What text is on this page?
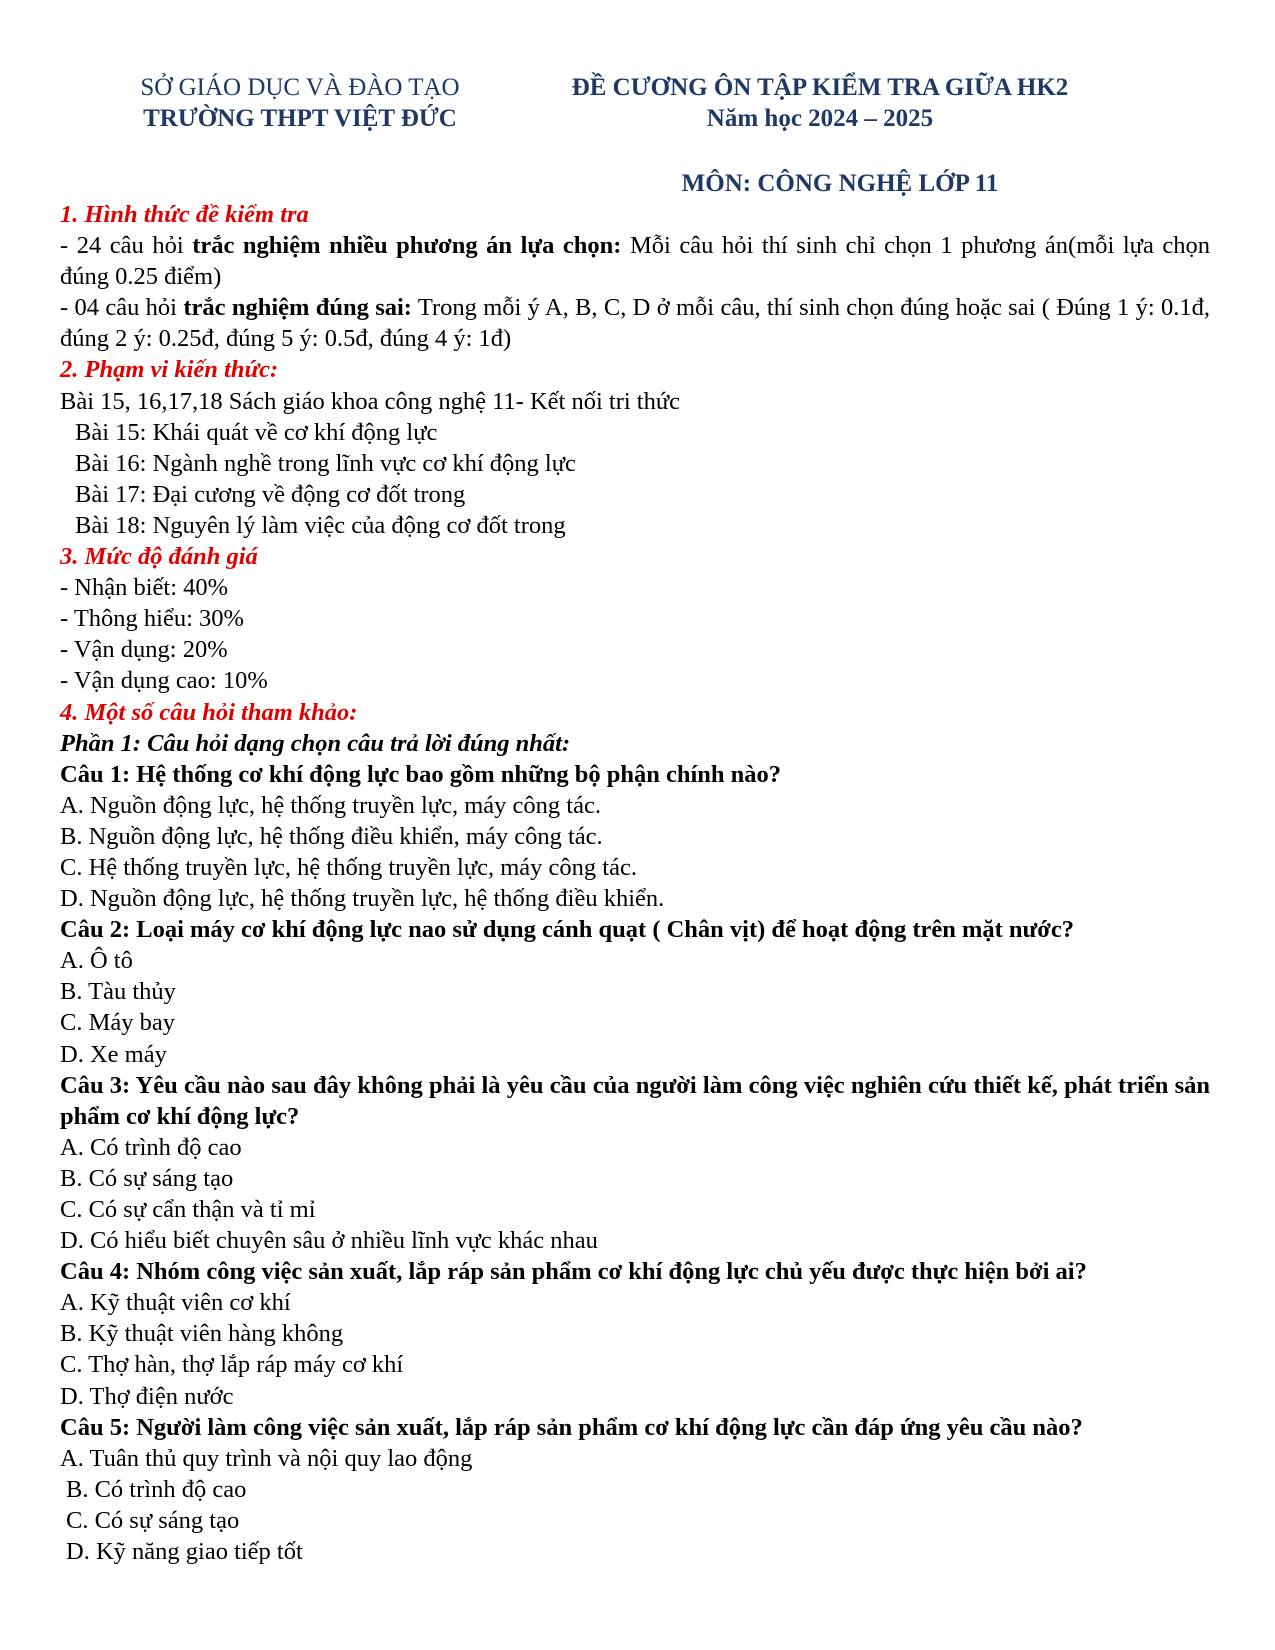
SỞ GIÁO DỤC VÀ ĐÀO TẠO
TRƯỜNG THPT VIỆT ĐỨC
ĐỀ CƯƠNG ÔN TẬP KIỂM TRA GIỮA HK2
Năm học 2024 – 2025
MÔN: CÔNG NGHỆ LỚP 11
1. Hình thức đề kiểm tra
- 24 câu hỏi trắc nghiệm nhiều phương án lựa chọn: Mỗi câu hỏi thí sinh chỉ chọn 1 phương án(mỗi lựa chọn đúng 0.25 điểm)
- 04 câu hỏi trắc nghiệm đúng sai: Trong mỗi ý A, B, C, D ở mỗi câu, thí sinh chọn đúng hoặc sai ( Đúng 1 ý: 0.1đ, đúng 2 ý: 0.25đ, đúng 5 ý: 0.5đ, đúng 4 ý: 1đ)
2. Phạm vi kiến thức:
Bài 15, 16,17,18 Sách giáo khoa công nghệ 11- Kết nối tri thức
Bài 15: Khái quát về cơ khí động lực
Bài 16: Ngành nghề trong lĩnh vực cơ khí động lực
Bài 17: Đại cương về động cơ đốt trong
Bài 18: Nguyên lý làm việc của động cơ đốt trong
3. Mức độ đánh giá
- Nhận biết: 40%
- Thông hiểu: 30%
- Vận dụng: 20%
- Vận dụng cao: 10%
4. Một số câu hỏi tham khảo:
Phần 1: Câu hỏi dạng chọn câu trả lời đúng nhất:
Câu 1: Hệ thống cơ khí động lực bao gồm những bộ phận chính nào?
A. Nguồn động lực, hệ thống truyền lực, máy công tác.
B. Nguồn động lực, hệ thống điều khiển, máy công tác.
C. Hệ thống truyền lực, hệ thống truyền lực, máy công tác.
D. Nguồn động lực, hệ thống truyền lực, hệ thống điều khiển.
Câu 2: Loại máy cơ khí động lực nao sử dụng cánh quạt ( Chân vịt) để hoạt động trên mặt nước?
A. Ô tô
B. Tàu thủy
C. Máy bay
D. Xe máy
Câu 3: Yêu cầu nào sau đây không phải là yêu cầu của người làm công việc nghiên cứu thiết kế, phát triển sản phẩm cơ khí động lực?
A. Có trình độ cao
B. Có sự sáng tạo
C. Có sự cẩn thận và tỉ mỉ
D. Có hiểu biết chuyên sâu ở nhiều lĩnh vực khác nhau
Câu 4: Nhóm công việc sản xuất, lắp ráp sản phẩm cơ khí động lực chủ yếu được thực hiện bởi ai?
A. Kỹ thuật viên cơ khí
B. Kỹ thuật viên hàng không
C. Thợ hàn, thợ lắp ráp máy cơ khí
D. Thợ điện nước
Câu 5: Người làm công việc sản xuất, lắp ráp sản phẩm cơ khí động lực cần đáp ứng yêu cầu nào?
A. Tuân thủ quy trình và nội quy lao động
B. Có trình độ cao
C. Có sự sáng tạo
D. Kỹ năng giao tiếp tốt
